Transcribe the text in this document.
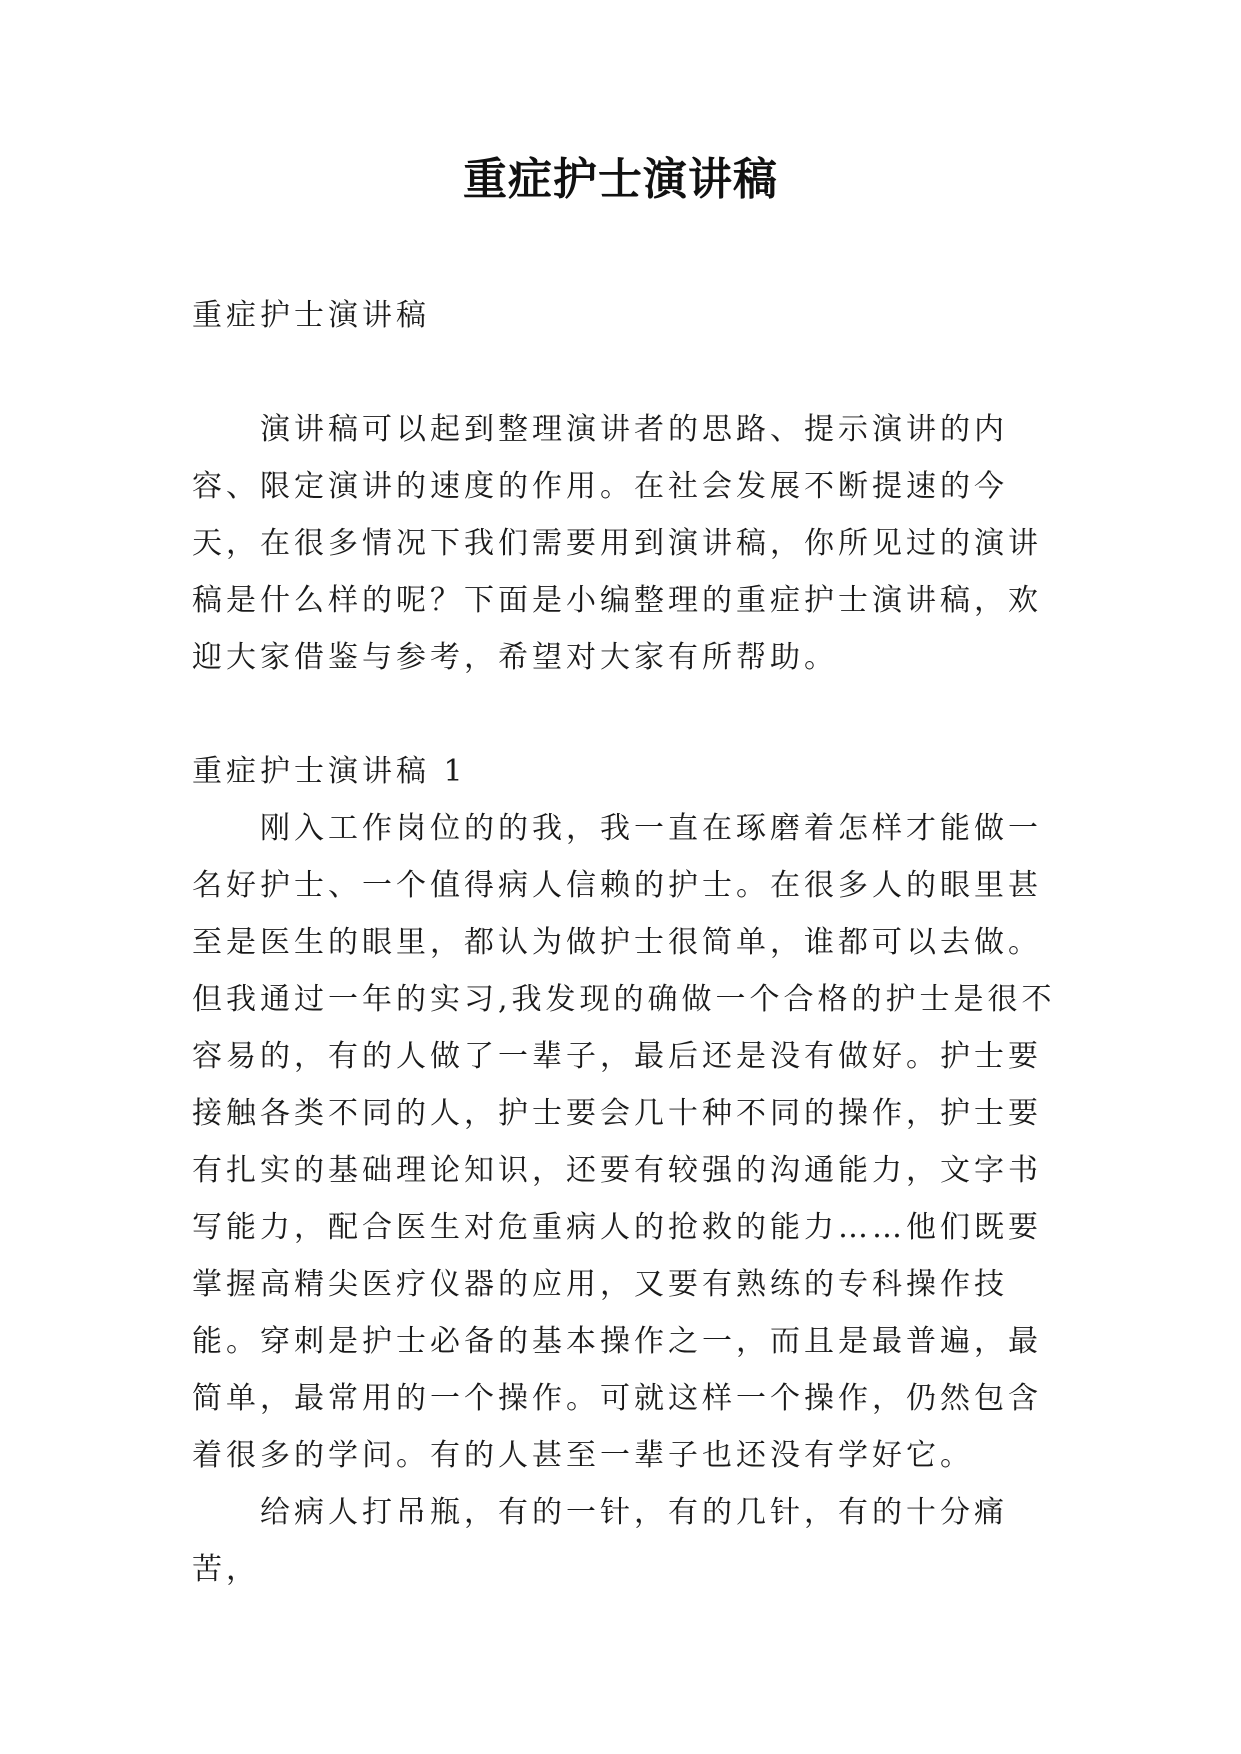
重症护士演讲稿

重症护士演讲稿

演讲稿可以起到整理演讲者的思路、提示演讲的内容、限定演讲的速度的作用。在社会发展不断提速的今天，在很多情况下我们需要用到演讲稿，你所见过的演讲稿是什么样的呢？下面是小编整理的重症护士演讲稿，欢迎大家借鉴与参考，希望对大家有所帮助。

重症护士演讲稿 1

刚入工作岗位的的我，我一直在琢磨着怎样才能做一名好护士、一个值得病人信赖的护士。在很多人的眼里甚至是医生的眼里，都认为做护士很简单，谁都可以去做。但我通过一年的实习,我发现的确做一个合格的护士是很不容易的，有的人做了一辈子，最后还是没有做好。护士要接触各类不同的人，护士要会几十种不同的操作，护士要有扎实的基础理论知识，还要有较强的沟通能力，文字书写能力，配合医生对危重病人的抢救的能力……他们既要掌握高精尖医疗仪器的应用，又要有熟练的专科操作技能。穿刺是护士必备的基本操作之一，而且是最普遍，最简单，最常用的一个操作。可就这样一个操作，仍然包含着很多的学问。有的人甚至一辈子也还没有学好它。

给病人打吊瓶，有的一针，有的几针，有的十分痛苦，
